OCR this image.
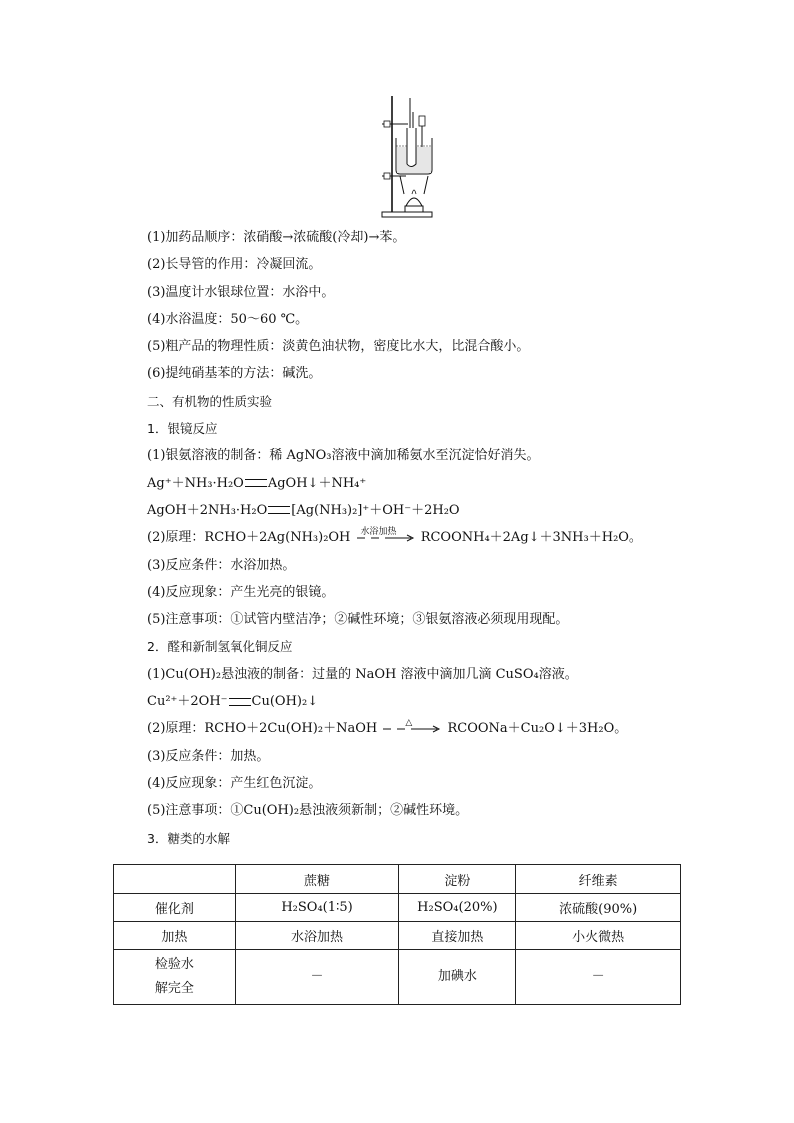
(1)加药品顺序：浓硝酸→浓硫酸(冷却)→苯。
(2)长导管的作用：冷凝回流。
(3)温度计水银球位置：水浴中。
(4)水浴温度：50～60 ℃。
(5)粗产品的物理性质：淡黄色油状物，密度比水大，比混合酸小。
(6)提纯硝基苯的方法：碱洗。
二、有机物的性质实验
1．银镜反应
(1)银氨溶液的制备：稀 AgNO₃溶液中滴加稀氨水至沉淀恰好消失。
Ag⁺＋NH₃·H₂O AgOH↓＋NH₄⁺
AgOH＋2NH₃·H₂O [Ag(NH₃)₂]⁺＋OH⁻＋2H₂O
(2)原理：RCHO＋2Ag(NH₃)₂OH 水浴加热 RCOONH₄＋2Ag↓＋3NH₃＋H₂O。
(3)反应条件：水浴加热。
(4)反应现象：产生光亮的银镜。
(5)注意事项：①试管内壁洁净；②碱性环境；③银氨溶液必须现用现配。
2．醛和新制氢氧化铜反应
(1)Cu(OH)₂悬浊液的制备：过量的 NaOH 溶液中滴加几滴 CuSO₄溶液。
Cu²⁺＋2OH⁻ Cu(OH)₂↓
(2)原理：RCHO＋2Cu(OH)₂＋NaOH	△	RCOONa＋Cu₂O↓＋3H₂O。
(3)反应条件：加热。
(4)反应现象：产生红色沉淀。
(5)注意事项：①Cu(OH)₂悬浊液须新制；②碱性环境。
3．糖类的水解
	蔗糖	淀粉	纤维素
催化剂	H₂SO₄(1∶5)	H₂SO₄(20%)	浓硫酸(90%)
加热	水浴加热	直接加热	小火微热

检验水
解完全	－	加碘水	－
